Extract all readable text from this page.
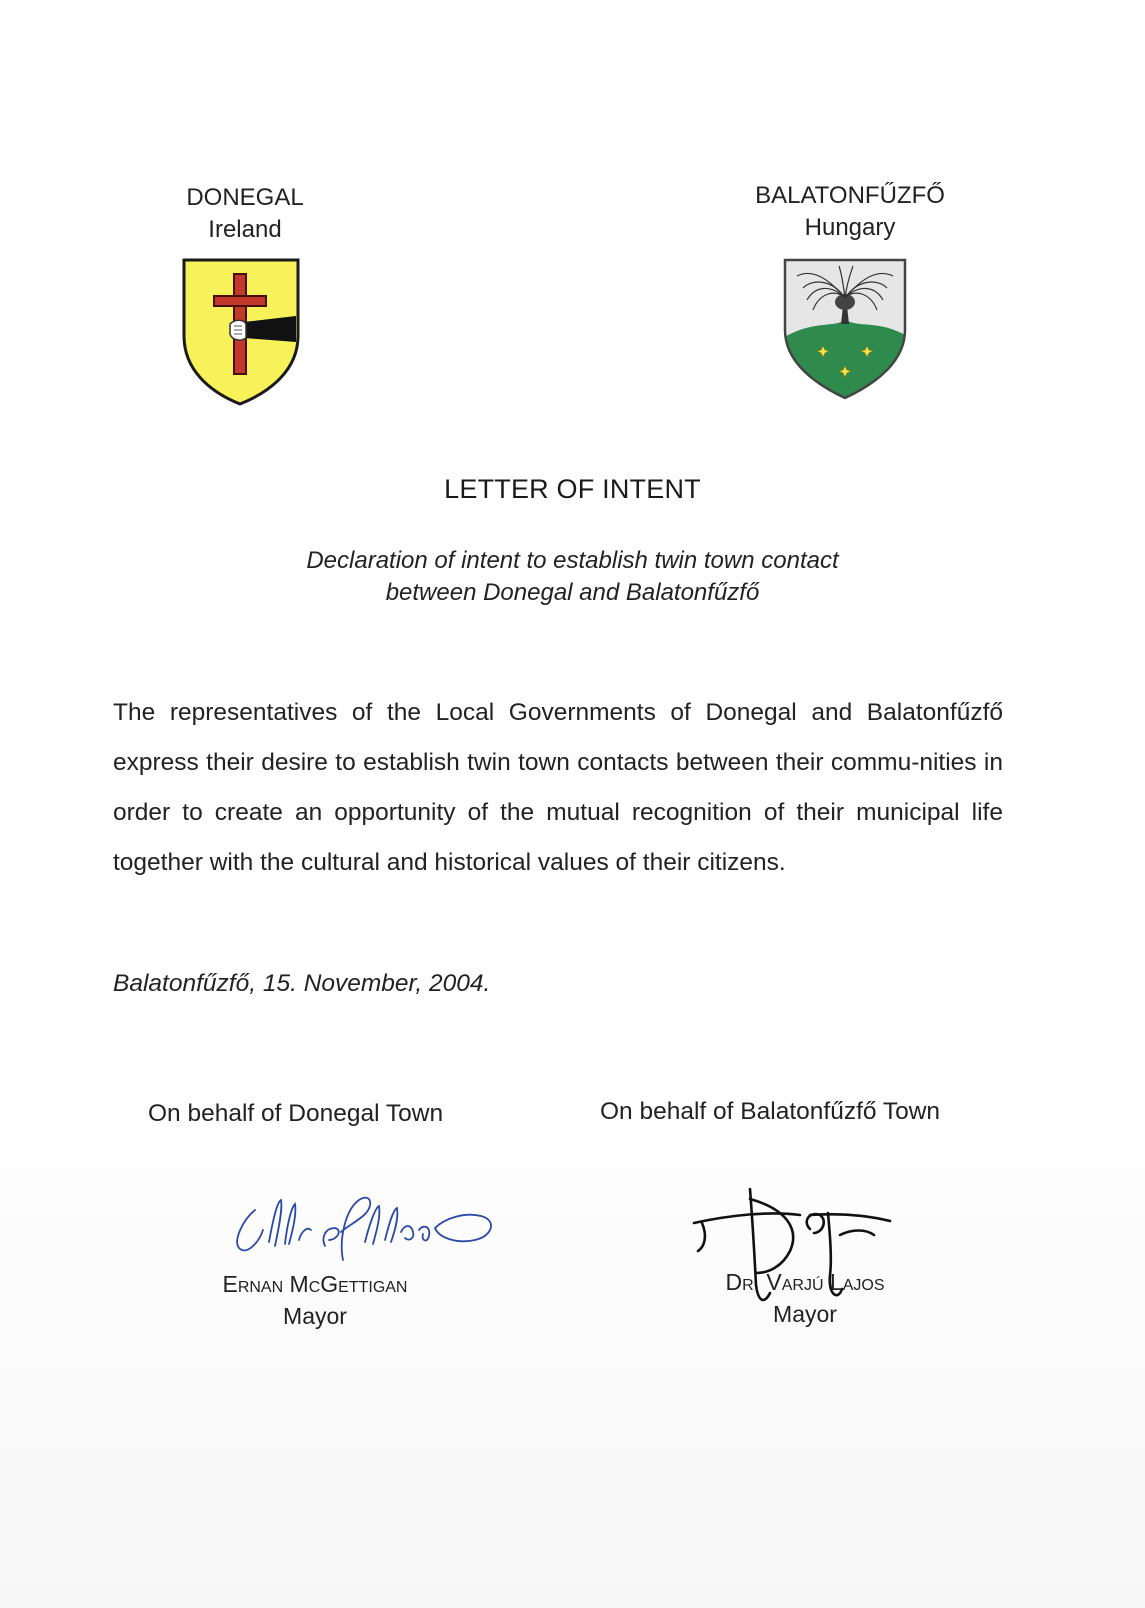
DONEGAL
Ireland
BALATONFŰZFŐ
Hungary
LETTER OF INTENT
Declaration of intent to establish twin town contact
between Donegal and Balatonfűzfő
The representatives of the Local Governments of Donegal and Balatonfűzfő express their desire to establish twin town contacts between their commu-nities in order to create an opportunity of the mutual recognition of their municipal life together with the cultural and historical values of their citizens.
Balatonfűzfő, 15. November, 2004.
On behalf of Donegal Town	On behalf of Balatonfűzfő Town
Ernan McGettigan
Mayor
Dr. Varjú Lajos
Mayor
